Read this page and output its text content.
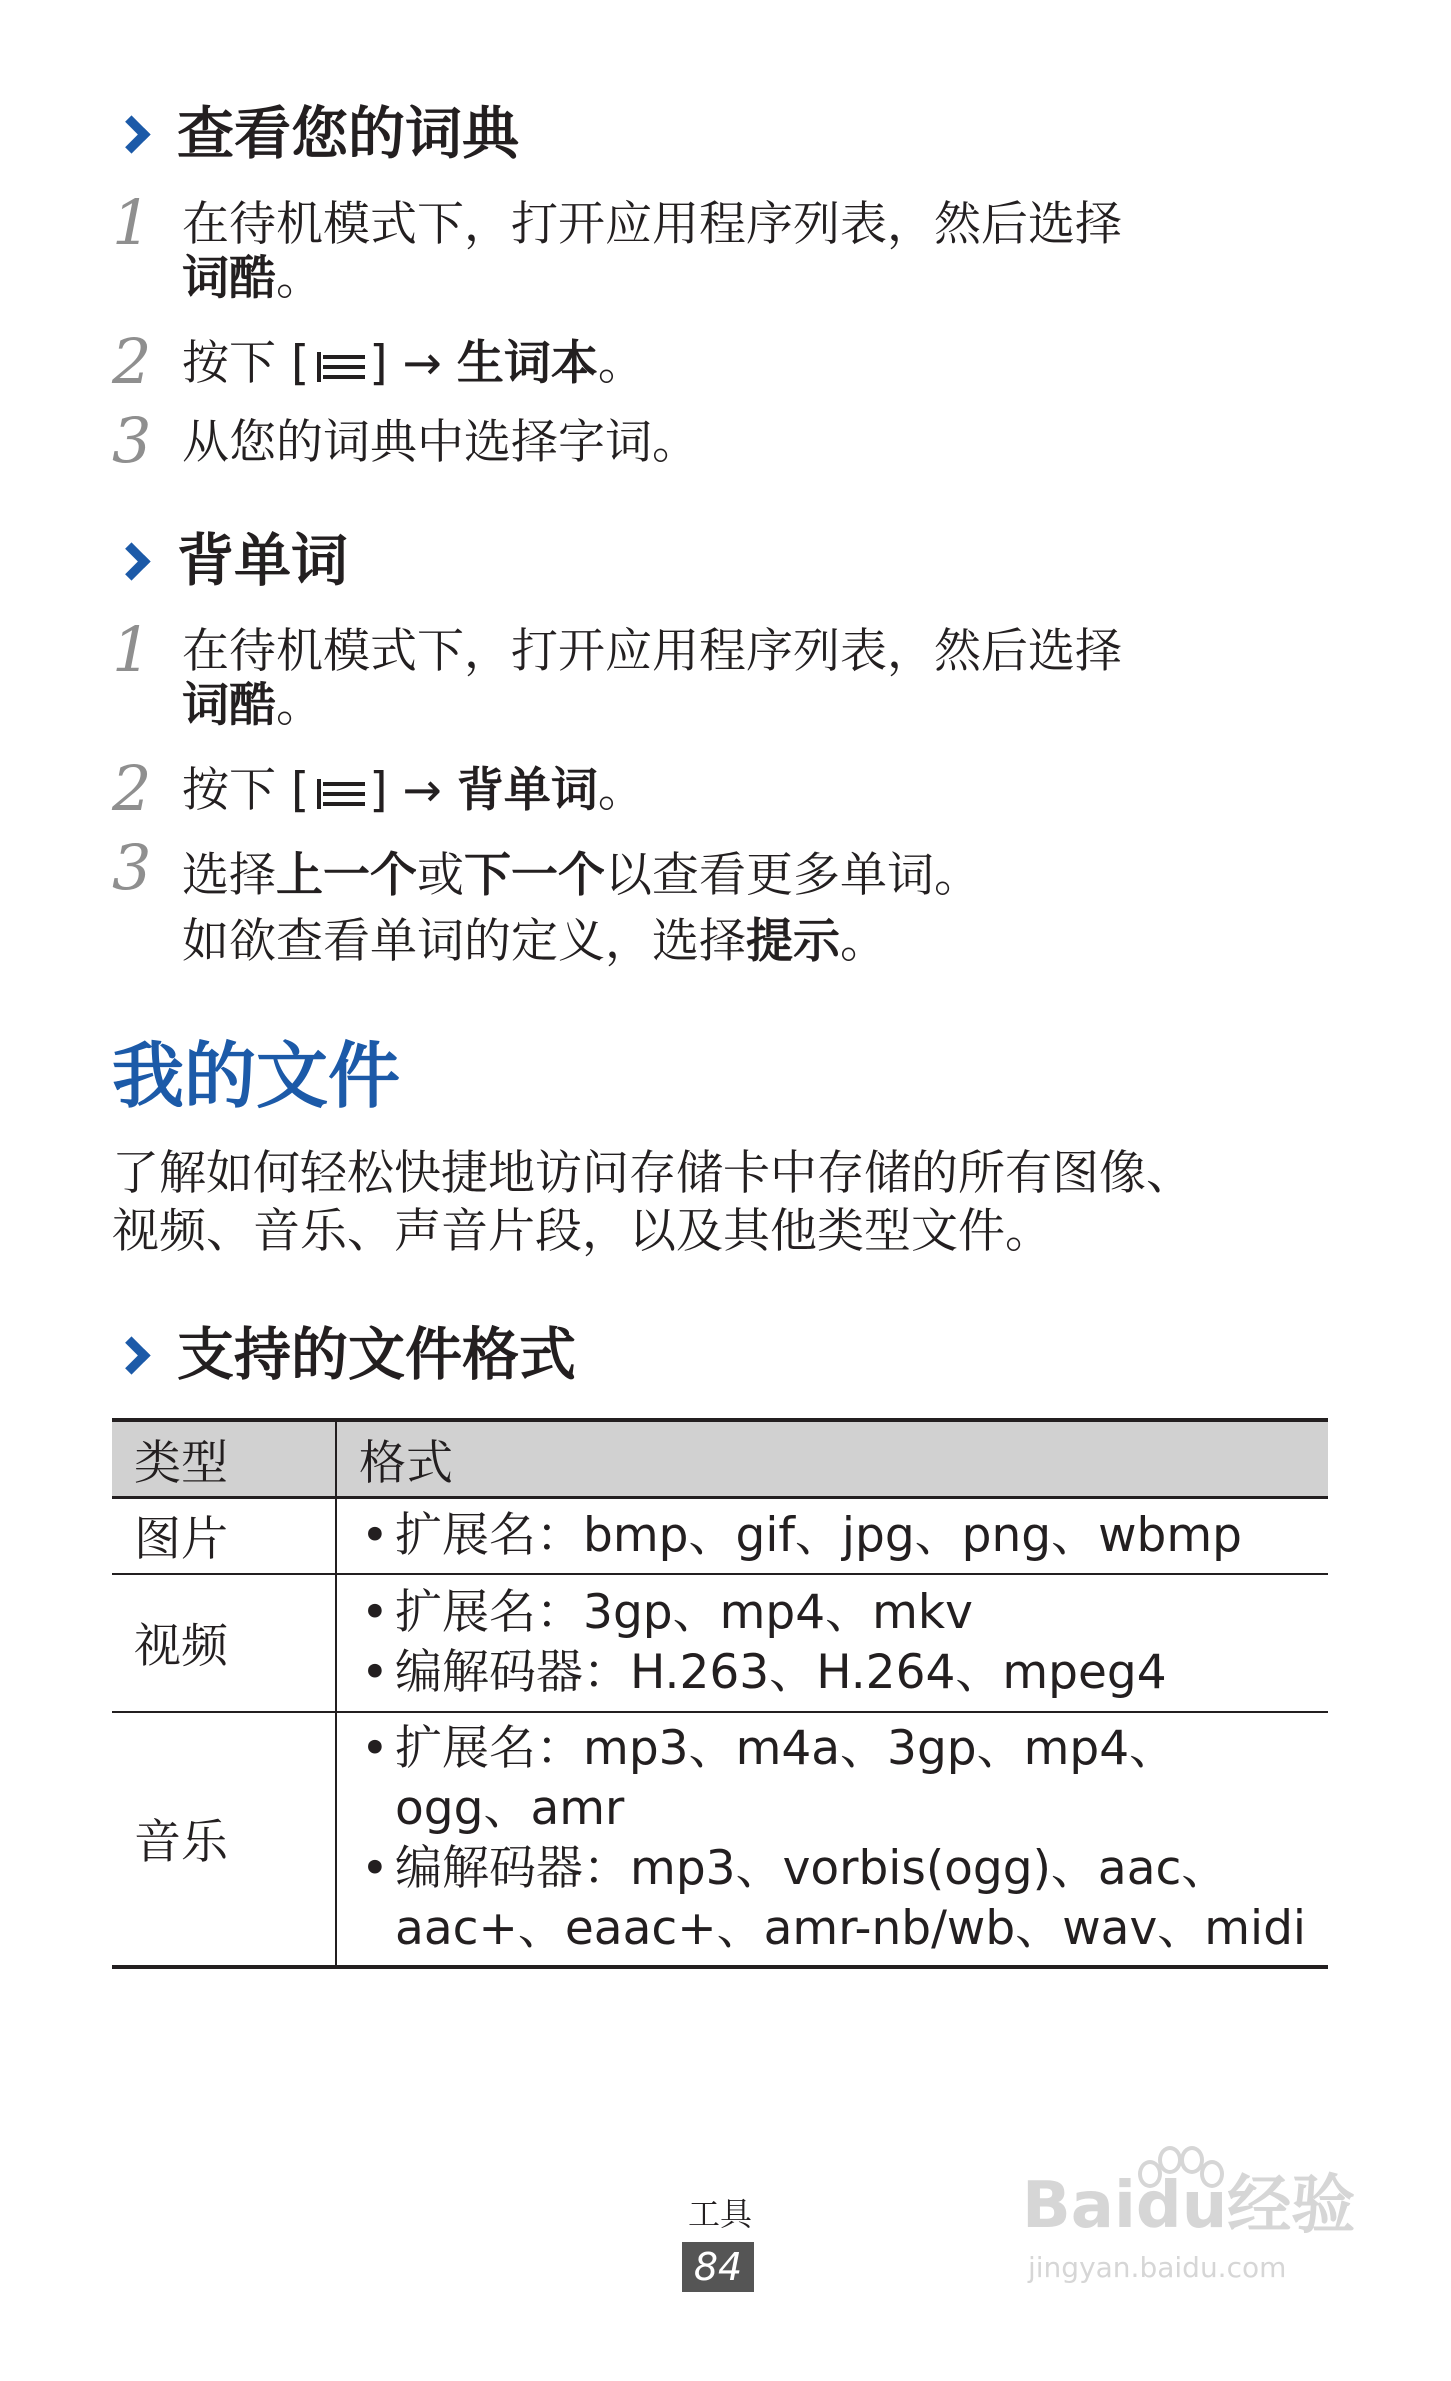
查看您的词典
1 在待机模式下，打开应用程序列表，然后选择
词酷。
2 按下 [ ] → 生词本。
3 从您的词典中选择字词。
背单词
1 在待机模式下，打开应用程序列表，然后选择
词酷。
2 按下 [ ] → 背单词。
3 选择上一个或下一个以查看更多单词。
如欲查看单词的定义，选择提示。
我的文件

了解如何轻松快捷地访问存储卡中存储的所有图像、

视频、音乐、声音片段，以及其他类型文件。

支持的文件格式
类型	格式
图片	• 扩展名：bmp、gif、jpg、png、wbmp

视频	• 扩展名：3gp、mp4、mkv
• 编解码器：H.263、H.264、mpeg4

音乐	• 扩展名：mp3、m4a、3gp、mp4、
ogg、amr
• 编解码器：mp3、vorbis(ogg)、aac、
aac+、eaac+、amr-nb/wb、wav、midi
工具
84
Baidu经验
jingyan.baidu.com
